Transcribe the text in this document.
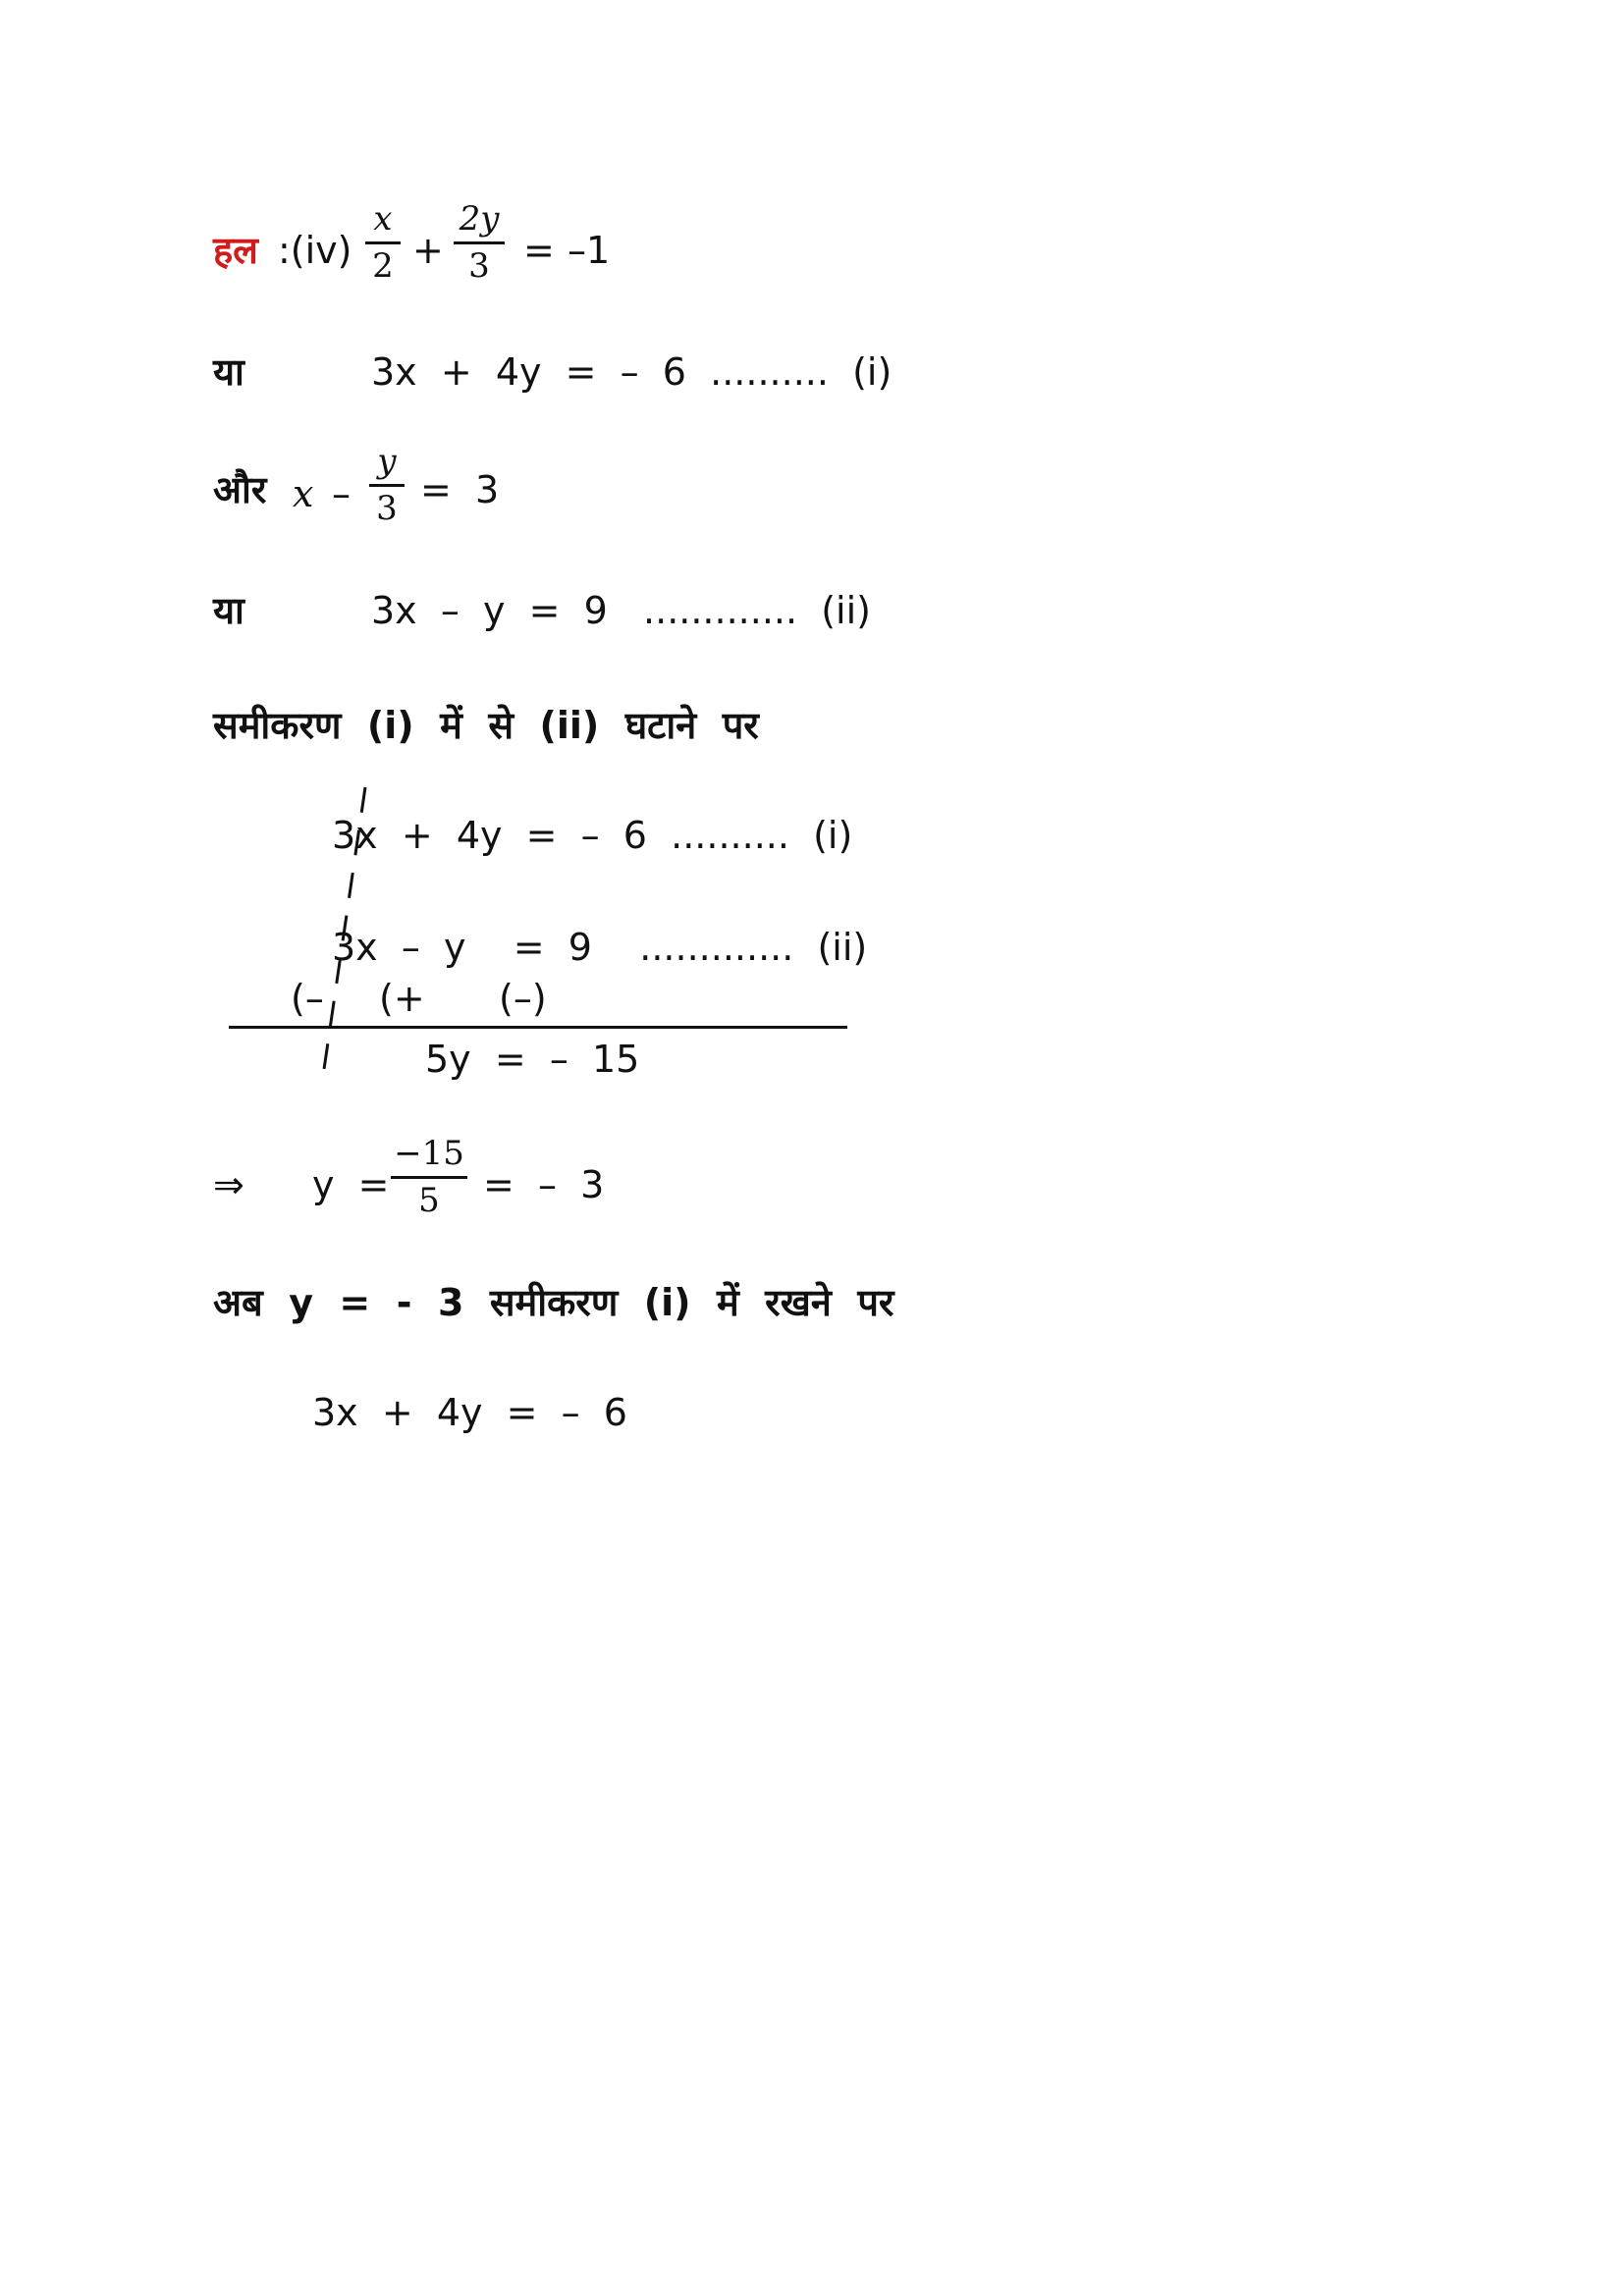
हल :(iv)
x
2 +
2y
3 = –1
या	3x  +  4y  =  –  6  ..........  (i)
और x –
y
3 =  3
या	3x  –  y  =  9   .............  (ii)
समीकरण  (i)  में  से  (ii)  घटाने  पर
3x  +  4y  =  –  6  ..........  (i)
3x  –  y    =  9    .............  (ii)
(– (+ (–)
5y  =  –  15
⇒ y  =
−15
5	=  –  3
अब  y  =  -  3  समीकरण  (i)  में  रखने  पर
3x  +  4y  =  –  6
